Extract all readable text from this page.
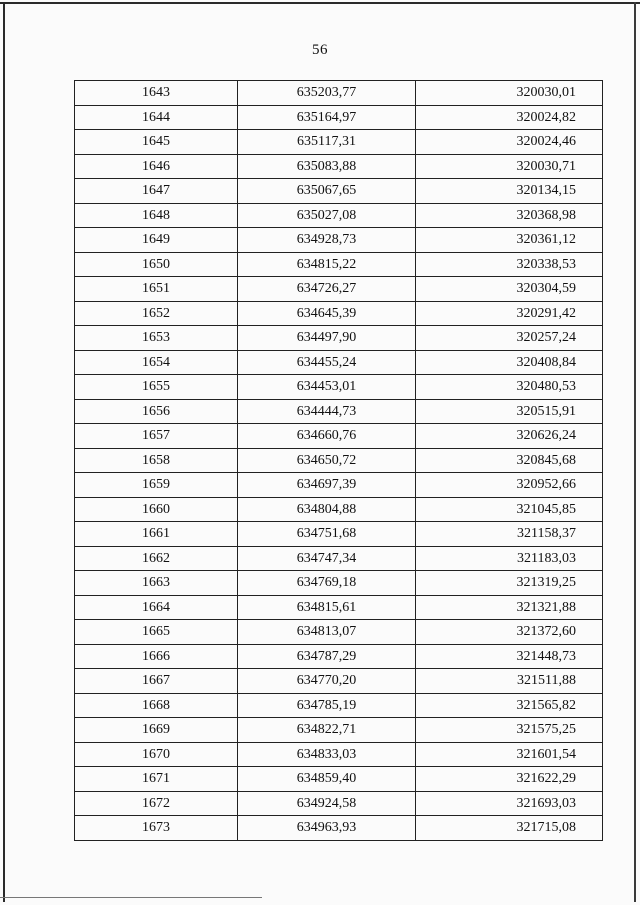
56
1643	635203,77	320030,01
1644	635164,97	320024,82
1645	635117,31	320024,46
1646	635083,88	320030,71
1647	635067,65	320134,15
1648	635027,08	320368,98
1649	634928,73	320361,12
1650	634815,22	320338,53
1651	634726,27	320304,59
1652	634645,39	320291,42
1653	634497,90	320257,24
1654	634455,24	320408,84
1655	634453,01	320480,53
1656	634444,73	320515,91
1657	634660,76	320626,24
1658	634650,72	320845,68
1659	634697,39	320952,66
1660	634804,88	321045,85
1661	634751,68	321158,37
1662	634747,34	321183,03
1663	634769,18	321319,25
1664	634815,61	321321,88
1665	634813,07	321372,60
1666	634787,29	321448,73
1667	634770,20	321511,88
1668	634785,19	321565,82
1669	634822,71	321575,25
1670	634833,03	321601,54
1671	634859,40	321622,29
1672	634924,58	321693,03
1673	634963,93	321715,08
